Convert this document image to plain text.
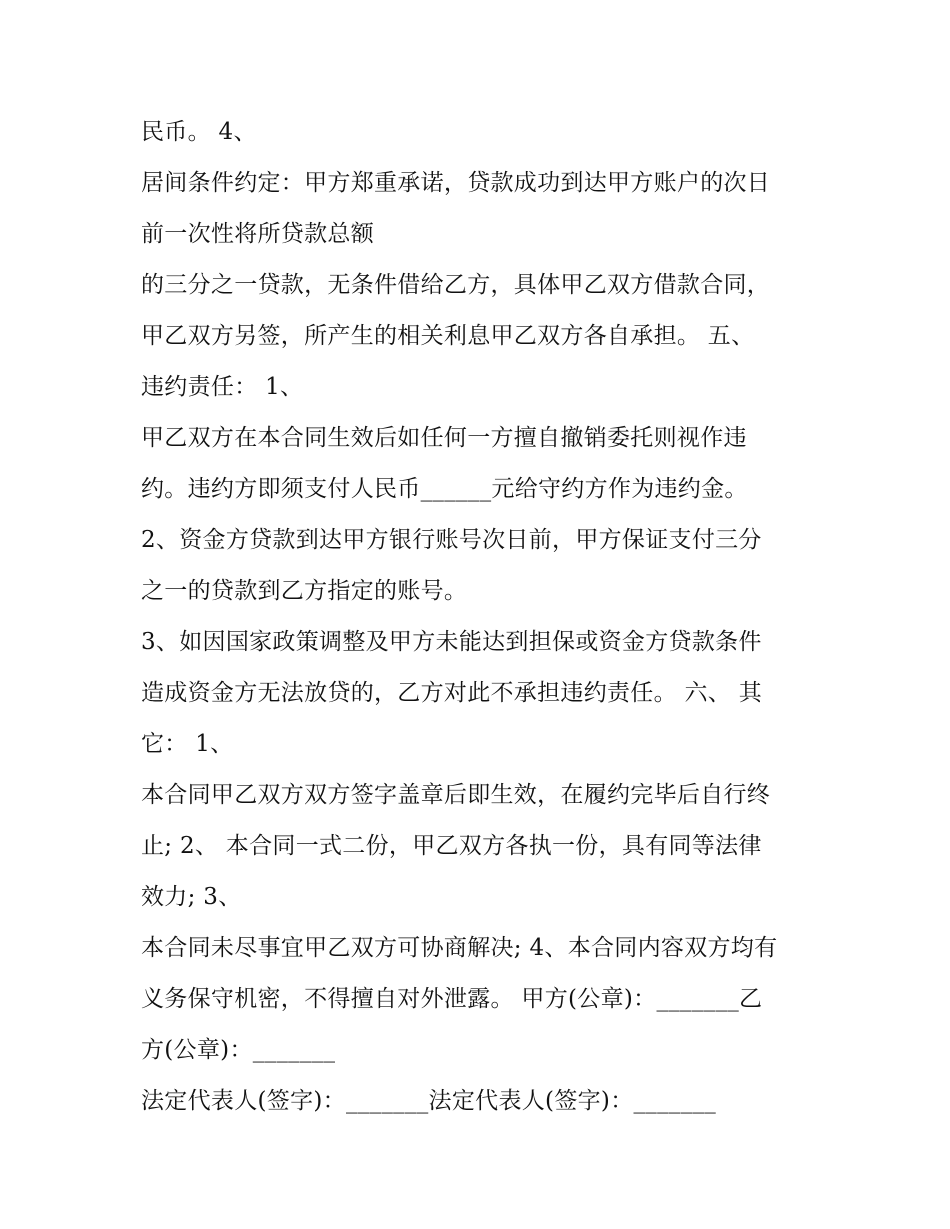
民币。 4、
居间条件约定：甲方郑重承诺，贷款成功到达甲方账户的次日
前一次性将所贷款总额
的三分之一贷款，无条件借给乙方，具体甲乙双方借款合同，
甲乙双方另签，所产生的相关利息甲乙双方各自承担。 五、
违约责任： 1、
甲乙双方在本合同生效后如任何一方擅自撤销委托则视作违
约。违约方即须支付人民币______元给守约方作为违约金。
2、资金方贷款到达甲方银行账号次日前，甲方保证支付三分
之一的贷款到乙方指定的账号。
3、如因国家政策调整及甲方未能达到担保或资金方贷款条件
造成资金方无法放贷的，乙方对此不承担违约责任。 六、 其
它： 1、
本合同甲乙双方双方签字盖章后即生效，在履约完毕后自行终
止; 2、 本合同一式二份，甲乙双方各执一份，具有同等法律
效力; 3、
本合同未尽事宜甲乙双方可协商解决; 4、本合同内容双方均有
义务保守机密，不得擅自对外泄露。 甲方(公章)：_______乙
方(公章)：_______
法定代表人(签字)：_______法定代表人(签字)：_______
